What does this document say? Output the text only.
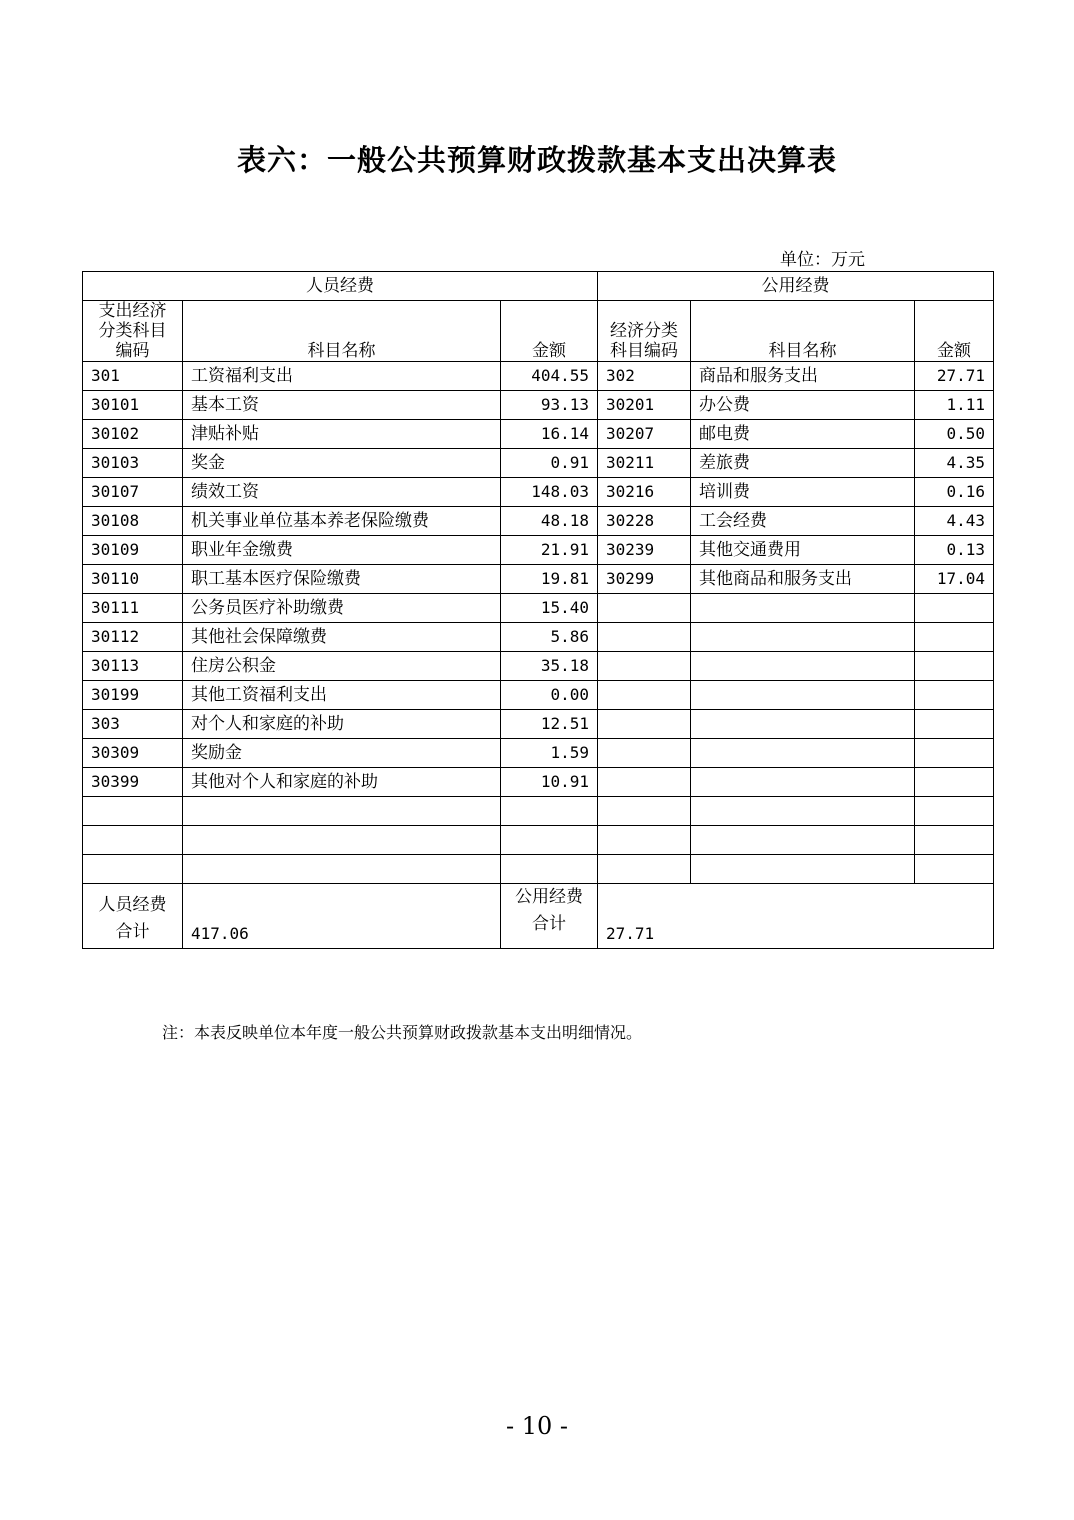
表六：一般公共预算财政拨款基本支出决算表
单位：万元
人员经费			公用经费		
支出经济分类科目编码	科目名称	金额	经济分类科目编码	科目名称	金额
301	工资福利支出	404.55	302	商品和服务支出	27.71
30101	基本工资	93.13	30201	办公费	1.11
30102	津贴补贴	16.14	30207	邮电费	0.50
30103	奖金	0.91	30211	差旅费	4.35
30107	绩效工资	148.03	30216	培训费	0.16
30108	机关事业单位基本养老保险缴费	48.18	30228	工会经费	4.43
30109	职业年金缴费	21.91	30239	其他交通费用	0.13
30110	职工基本医疗保险缴费	19.81	30299	其他商品和服务支出	17.04
30111	公务员医疗补助缴费	15.40			
30112	其他社会保障缴费	5.86			
30113	住房公积金	35.18			
30199	其他工资福利支出	0.00			
303	对个人和家庭的补助	12.51			
30309	奖励金	1.59			
30399	其他对个人和家庭的补助	10.91			

人员经费合计	417.06	公用经费合计	27.71		
注：本表反映单位本年度一般公共预算财政拨款基本支出明细情况。
- 10 -
